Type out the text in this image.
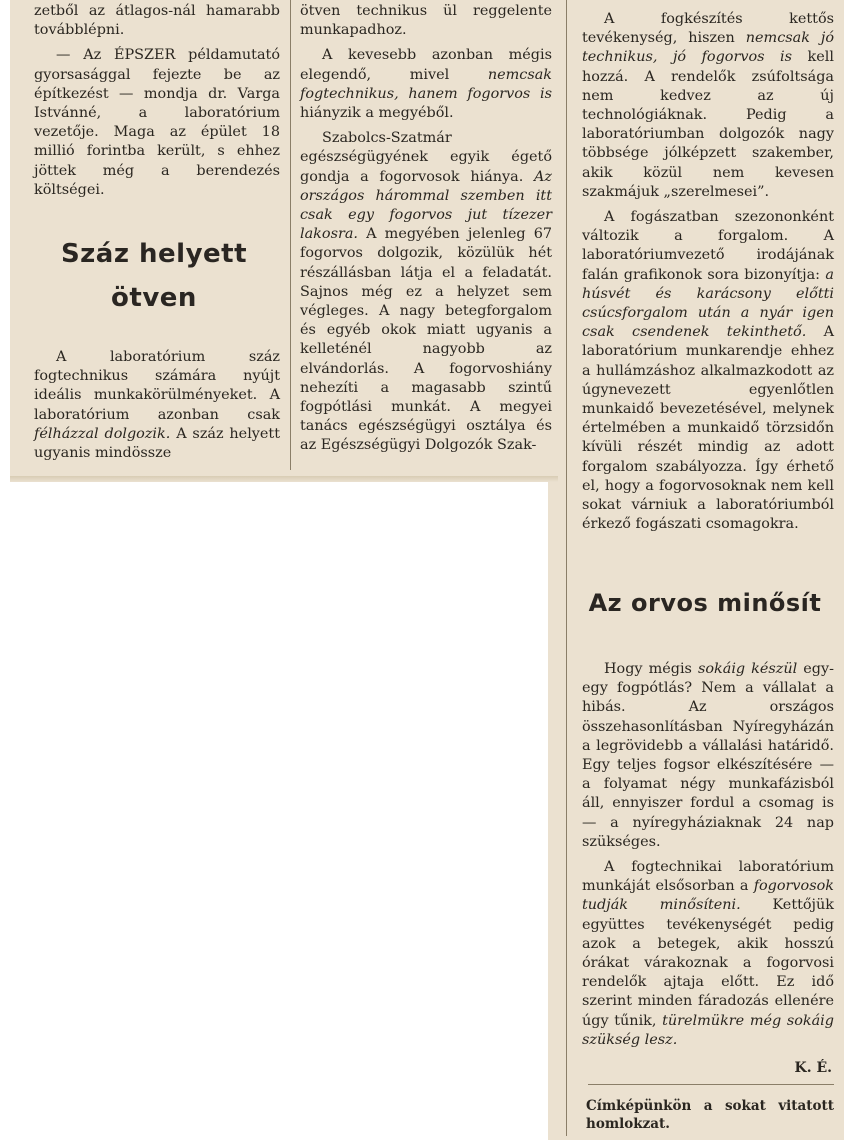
zetből az átlagos-nál hamarabb továbblépni.

— Az ÉPSZER példamutató gyorsasággal fejezte be az építkezést — mondja dr. Varga Istvánné, a laboratórium vezetője. Maga az épület 18 millió forintba került, s ehhez jöttek még a berendezés költségei.

Száz helyett ötven

A laboratórium száz fogtechnikus számára nyújt ideális munkakörülményeket. A laboratórium azonban csak félházzal dolgozik. A száz helyett ugyanis mindössze

ötven technikus ül reggelente munkapadhoz.

A kevesebb azonban mégis elegendő, mivel	nemcsak fogtechnikus, hanem fogorvos is hiányzik a megyéből.

Szabolcs-Szatmár egészségügyének egyik égető gondja a fogorvosok hiánya. Az országos hárommal szemben itt csak egy fogorvos jut tízezer lakosra. A megyében jelenleg 67 fogorvos dolgozik, közülük hét részállásban látja el a feladatát. Sajnos még ez a helyzet sem végleges. A nagy betegforgalom és egyéb okok miatt ugyanis a kelleténél nagyobb az elvándorlás. A fogorvoshiány nehezíti a magasabb szintű fogpótlási munkát. A megyei tanács egészségügyi osztálya és az Egészségügyi Dolgozók Szak-

A fogkészítés kettős tevékenység, hiszen nemcsak jó technikus, jó fogorvos is kell hozzá. A rendelők zsúfoltsága nem kedvez az új technológiáknak. Pedig a laboratóriumban dolgozók nagy többsége jólképzett szakember, akik közül nem kevesen szakmájuk „szerelmesei”.

A fogászatban szezononként változik a forgalom. A laboratóriumvezető irodájának falán grafikonok sora bizonyítja: a húsvét és karácsony előtti csúcsforgalom után a nyár igen csak csendenek tekinthető. A laboratórium munkarendje ehhez a hullámzáshoz alkalmazkodott az úgynevezett egyenlőtlen munkaidő bevezetésével, melynek értelmében a munkaidő törzsidőn kívüli részét mindig az adott forgalom szabályozza. Így érhető el, hogy a fogorvosoknak nem kell sokat várniuk a laboratóriumból érkező fogászati csomagokra.

Az orvos minősít

Hogy mégis sokáig készül egy-egy fogpótlás? Nem a vállalat a hibás. Az országos összehasonlításban Nyíregyházán a legrövidebb a vállalási határidő. Egy teljes fogsor elkészítésére — a folyamat négy munkafázisból áll, ennyiszer fordul a csomag is — a nyíregyháziaknak 24 nap szükséges.

A fogtechnikai laboratórium munkáját elsősorban a fogorvosok tudják minősíteni. Kettőjük együttes tevékenységét pedig azok a betegek, akik hosszú órákat várakoznak a fogorvosi rendelők ajtaja előtt. Ez idő szerint minden fáradozás ellenére úgy tűnik, türelmükre még sokáig szükség lesz.

K. É.
Címképünkön a sokat vitatott homlokzat.
